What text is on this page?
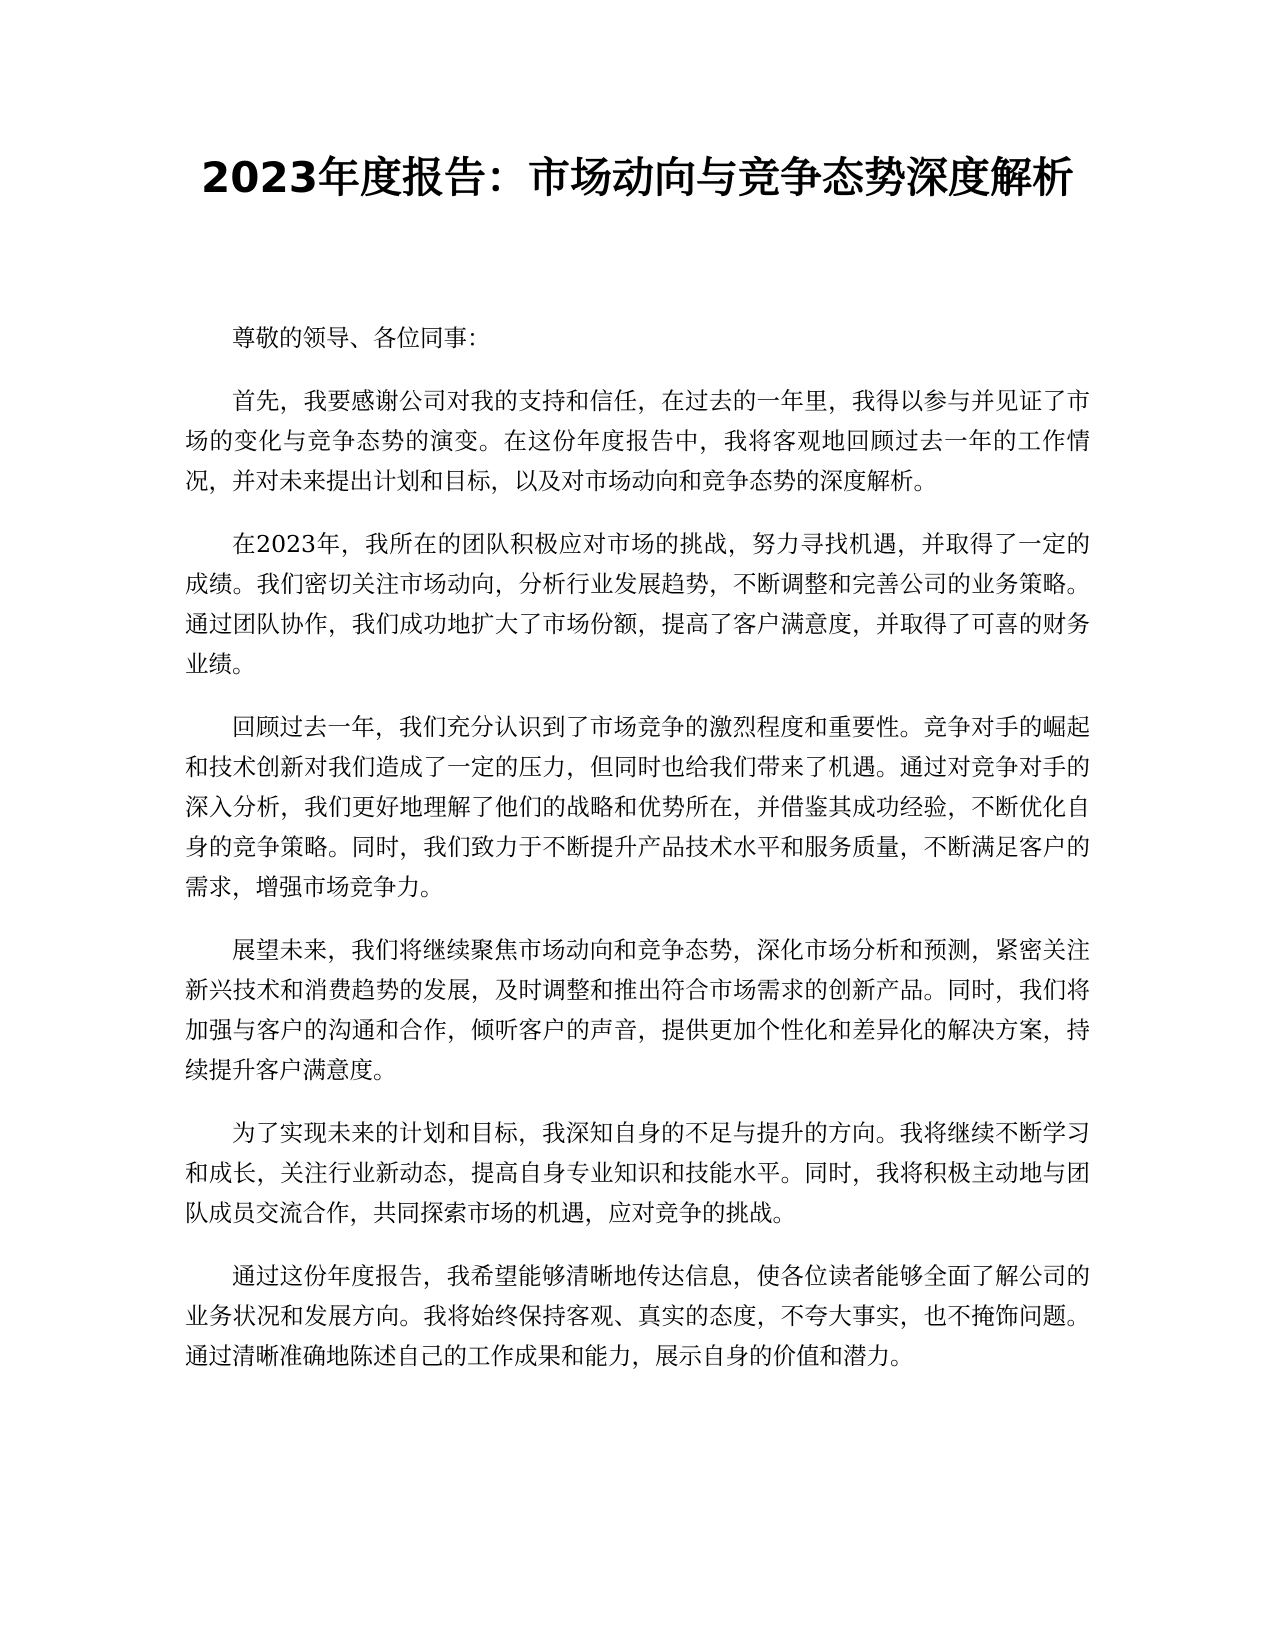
2023年度报告：市场动向与竞争态势深度解析

尊敬的领导、各位同事：

首先，我要感谢公司对我的支持和信任，在过去的一年里，我得以参与并见证了市场的变化与竞争态势的演变。在这份年度报告中，我将客观地回顾过去一年的工作情况，并对未来提出计划和目标，以及对市场动向和竞争态势的深度解析。

在2023年，我所在的团队积极应对市场的挑战，努力寻找机遇，并取得了一定的成绩。我们密切关注市场动向，分析行业发展趋势，不断调整和完善公司的业务策略。通过团队协作，我们成功地扩大了市场份额，提高了客户满意度，并取得了可喜的财务业绩。

回顾过去一年，我们充分认识到了市场竞争的激烈程度和重要性。竞争对手的崛起和技术创新对我们造成了一定的压力，但同时也给我们带来了机遇。通过对竞争对手的深入分析，我们更好地理解了他们的战略和优势所在，并借鉴其成功经验，不断优化自身的竞争策略。同时，我们致力于不断提升产品技术水平和服务质量，不断满足客户的需求，增强市场竞争力。

展望未来，我们将继续聚焦市场动向和竞争态势，深化市场分析和预测，紧密关注新兴技术和消费趋势的发展，及时调整和推出符合市场需求的创新产品。同时，我们将加强与客户的沟通和合作，倾听客户的声音，提供更加个性化和差异化的解决方案，持续提升客户满意度。

为了实现未来的计划和目标，我深知自身的不足与提升的方向。我将继续不断学习和成长，关注行业新动态，提高自身专业知识和技能水平。同时，我将积极主动地与团队成员交流合作，共同探索市场的机遇，应对竞争的挑战。

通过这份年度报告，我希望能够清晰地传达信息，使各位读者能够全面了解公司的业务状况和发展方向。我将始终保持客观、真实的态度，不夸大事实，也不掩饰问题。通过清晰准确地陈述自己的工作成果和能力，展示自身的价值和潜力。
